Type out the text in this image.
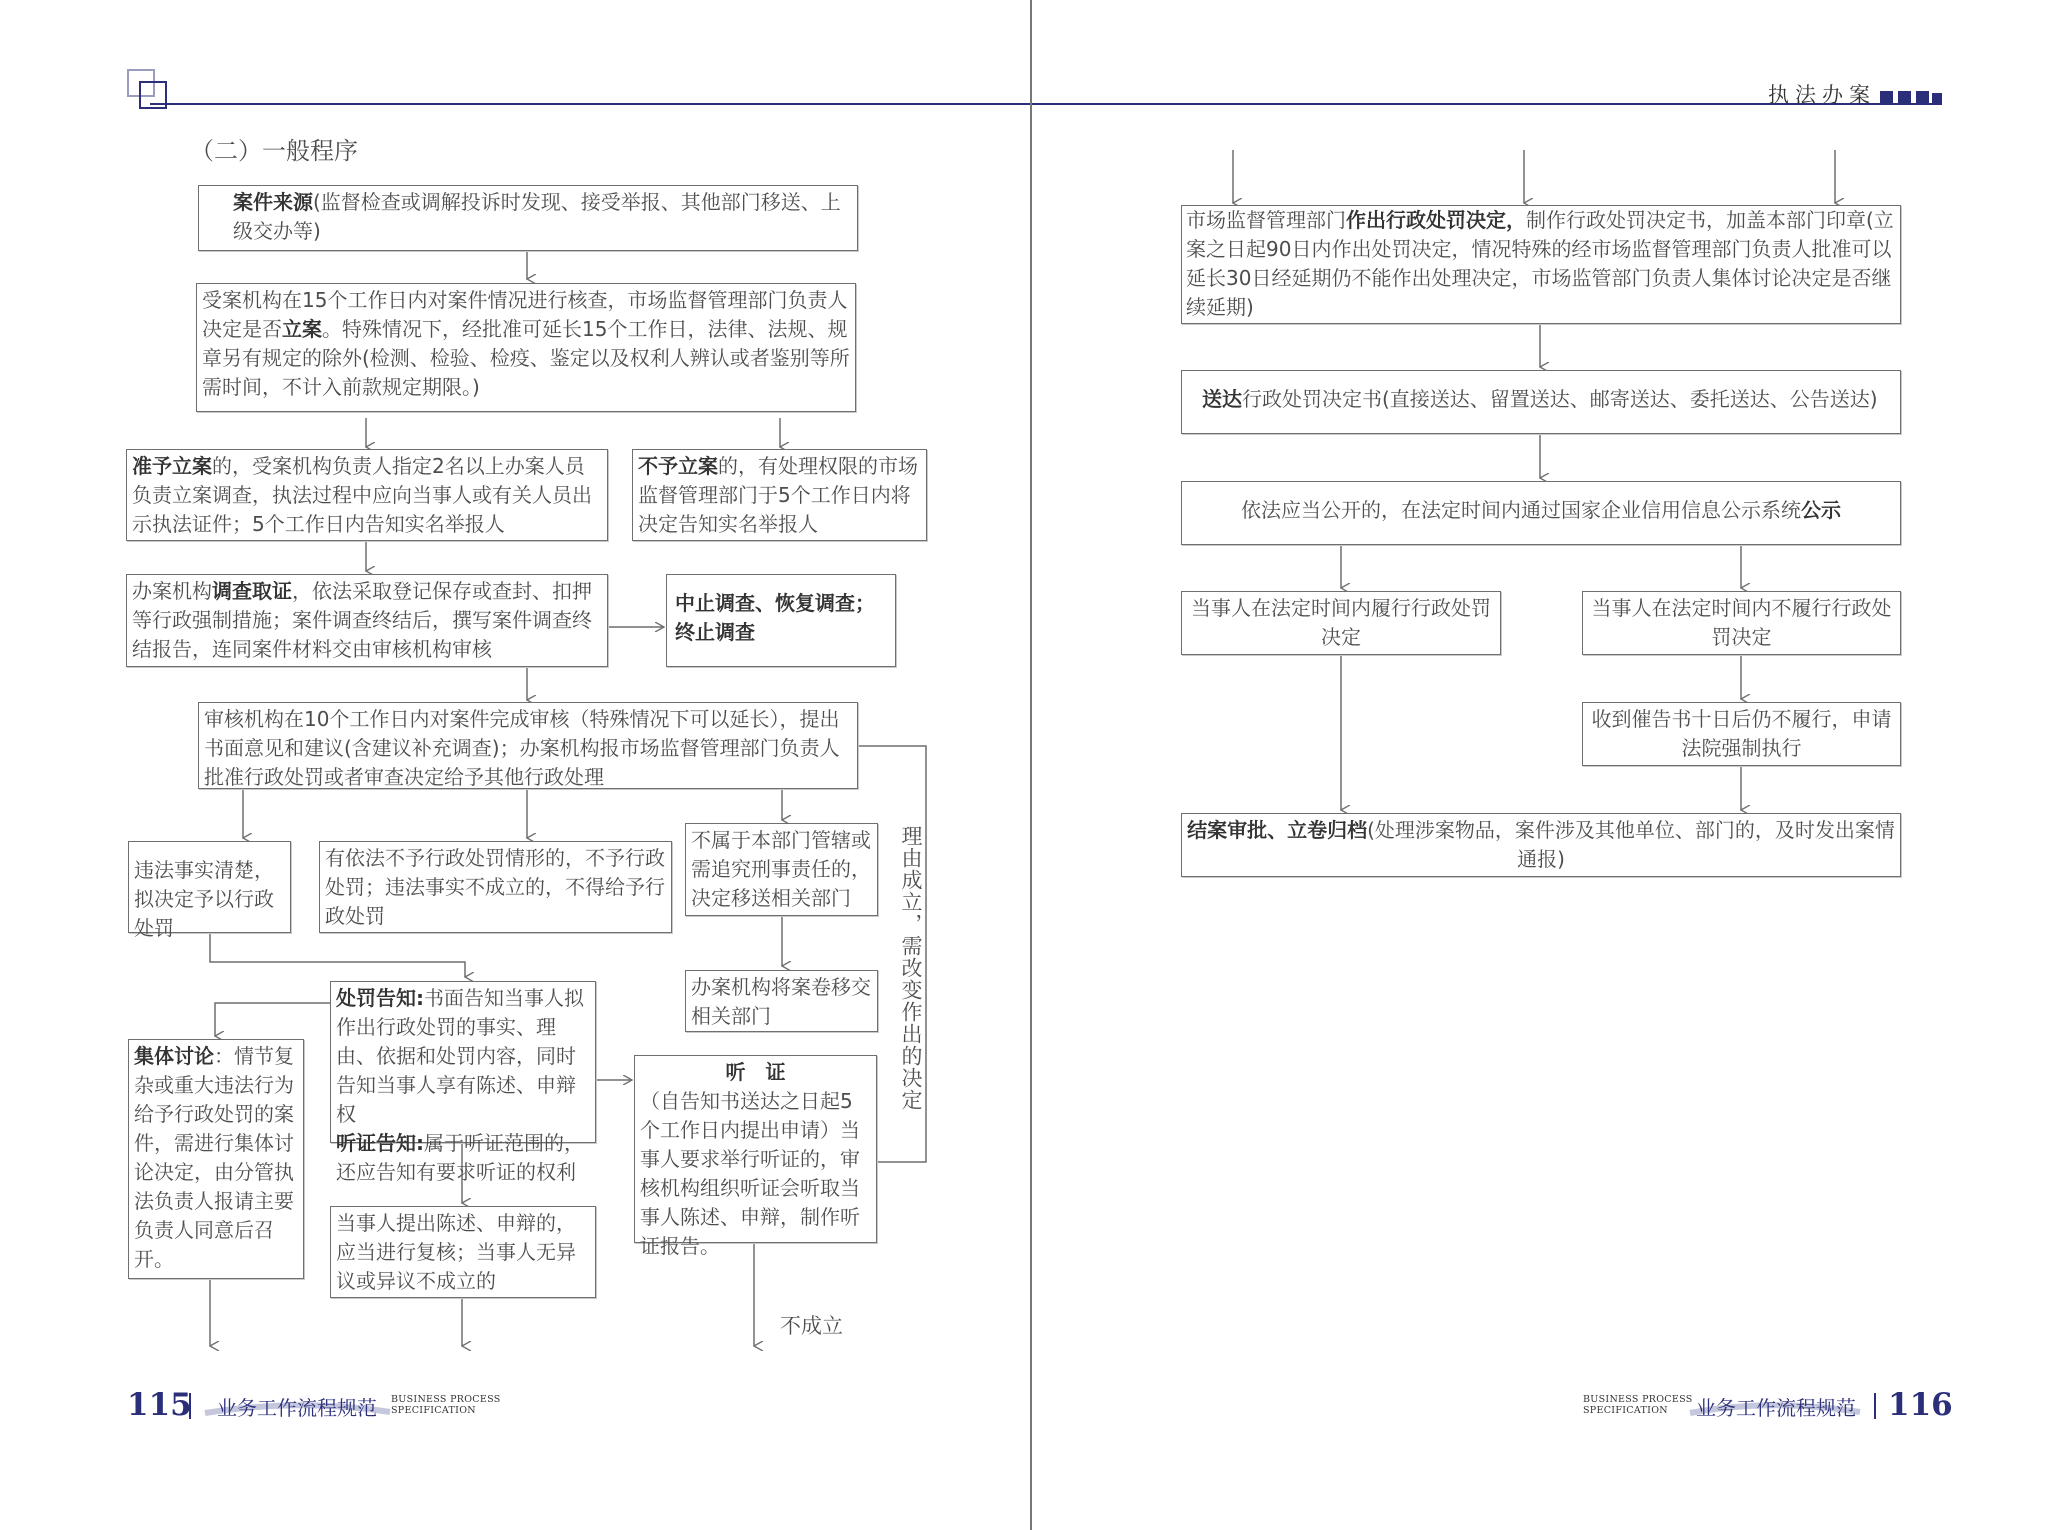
（二）一般程序
执法办案
案件来源(监督检查或调解投诉时发现、接受举报、其他部门移送、上级交办等)
受案机构在15个工作日内对案件情况进行核查，市场监督管理部门负责人决定是否立案。特殊情况下，经批准可延长15个工作日，法律、法规、规章另有规定的除外(检测、检验、检疫、鉴定以及权利人辨认或者鉴别等所需时间，不计入前款规定期限。)
准予立案的，受案机构负责人指定2名以上办案人员负责立案调查，执法过程中应向当事人或有关人员出示执法证件；5个工作日内告知实名举报人
不予立案的，有处理权限的市场监督管理部门于5个工作日内将决定告知实名举报人
办案机构调查取证，依法采取登记保存或查封、扣押等行政强制措施；案件调查终结后，撰写案件调查终结报告，连同案件材料交由审核机构审核
中止调查、恢复调查；
终止调查
审核机构在10个工作日内对案件完成审核（特殊情况下可以延长），提出书面意见和建议(含建议补充调查)；办案机构报市场监督管理部门负责人批准行政处罚或者审查决定给予其他行政处理
违法事实清楚，拟决定予以行政处罚
有依法不予行政处罚情形的，不予行政处罚；违法事实不成立的，不得给予行政处罚
不属于本部门管辖或需追究刑事责任的，决定移送相关部门
办案机构将案卷移交相关部门
处罚告知:书面告知当事人拟作出行政处罚的事实、理由、依据和处罚内容，同时告知当事人享有陈述、申辩权
听证告知:属于听证范围的，还应告知有要求听证的权利
集体讨论：情节复杂或重大违法行为给予行政处罚的案件，需进行集体讨论决定，由分管执法负责人报请主要负责人同意后召开。
听　证
（自告知书送达之日起5个工作日内提出申请）当事人要求举行听证的，审核机构组织听证会听取当事人陈述、申辩，制作听证报告。
当事人提出陈述、申辩的，应当进行复核；当事人无异议或异议不成立的
理由成立，需改变作出的决定
不成立
115 业务工作流程规范 BUSINESS PROCESS
SPECIFICATION
市场监督管理部门作出行政处罚决定，制作行政处罚决定书，加盖本部门印章(立案之日起90日内作出处罚决定，情况特殊的经市场监督管理部门负责人批准可以延长30日经延期仍不能作出处理决定，市场监管部门负责人集体讨论决定是否继续延期)
送达行政处罚决定书(直接送达、留置送达、邮寄送达、委托送达、公告送达)
依法应当公开的，在法定时间内通过国家企业信用信息公示系统公示
当事人在法定时间内履行行政处罚决定
当事人在法定时间内不履行行政处罚决定
收到催告书十日后仍不履行，申请法院强制执行
结案审批、立卷归档(处理涉案物品，案件涉及其他单位、部门的，及时发出案情通报)
BUSINESS PROCESS
SPECIFICATION	业务工作流程规范 116
